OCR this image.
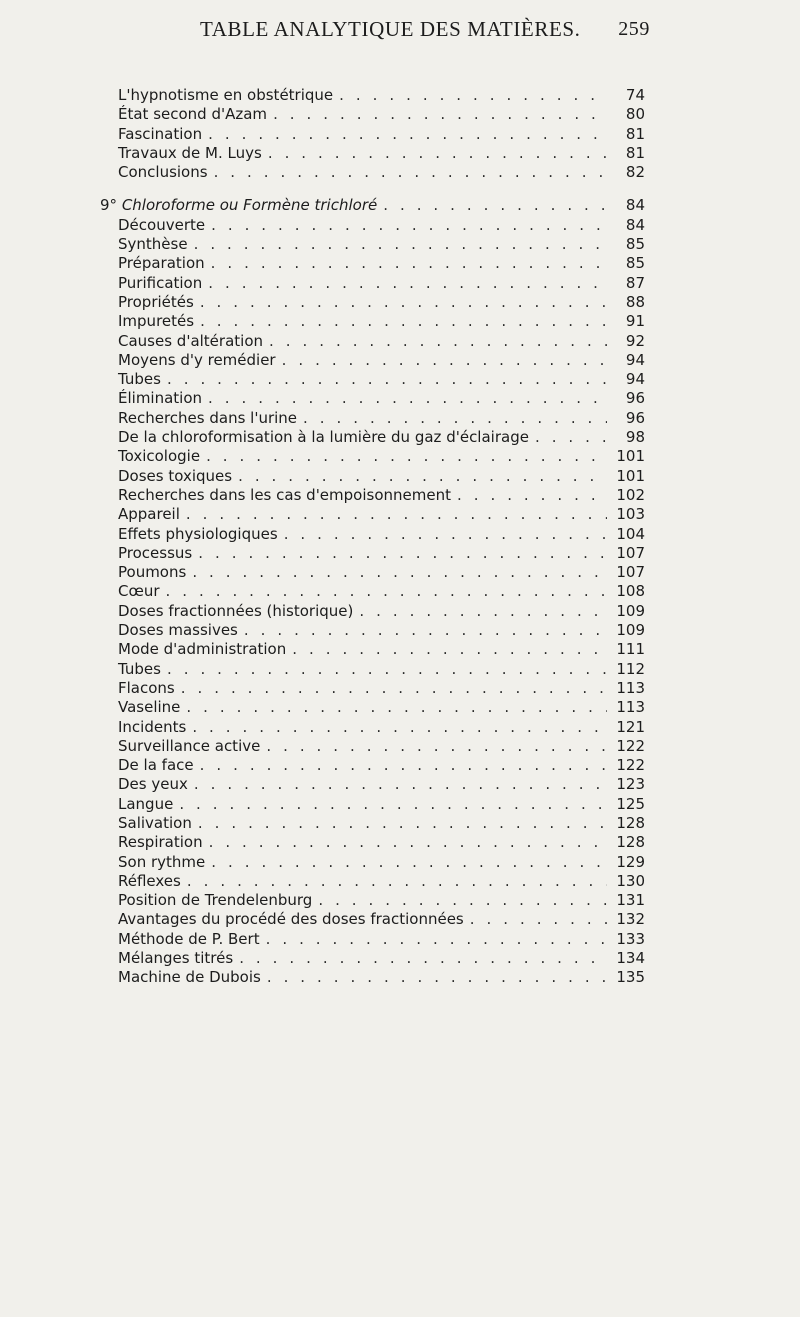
TABLE ANALYTIQUE DES MATIÈRES.	259
L'hypnotisme en obstétrique . . .	74
État second d'Azam . . .	80
Fascination . . .	81
Travaux de M. Luys . . .	81
Conclusions . . .	82
9° Chloroforme ou Formène trichloré . . .	84
Découverte . . .	84
Synthèse . . .	85
Préparation . . .	85
Purification . . .	87
Propriétés . . .	88
Impuretés . . .	91
Causes d'altération . . .	92
Moyens d'y remédier . . .	94
Tubes . . .	94
Élimination . . .	96
Recherches dans l'urine . . .	96
De la chloroformisation à la lumière du gaz d'éclairage . . .	98
Toxicologie . . .	101
Doses toxiques . . .	101
Recherches dans les cas d'empoisonnement . . .	102
Appareil . . .	103
Effets physiologiques . . .	104
Processus . . .	107
Poumons . . .	107
Cœur . . .	108
Doses fractionnées (historique) . . .	109
Doses massives . . .	109
Mode d'administration . . .	111
Tubes . . .	112
Flacons . . .	113
Vaseline . . .	113
Incidents . . .	121
Surveillance active . . .	122
De la face . . .	122
Des yeux . . .	123
Langue . . .	125
Salivation . . .	128
Respiration . . .	128
Son rythme . . .	129
Réflexes . . .	130
Position de Trendelenburg . . .	131
Avantages du procédé des doses fractionnées . . .	132
Méthode de P. Bert . . .	133
Mélanges titrés . . .	134
Machine de Dubois . . .	135
